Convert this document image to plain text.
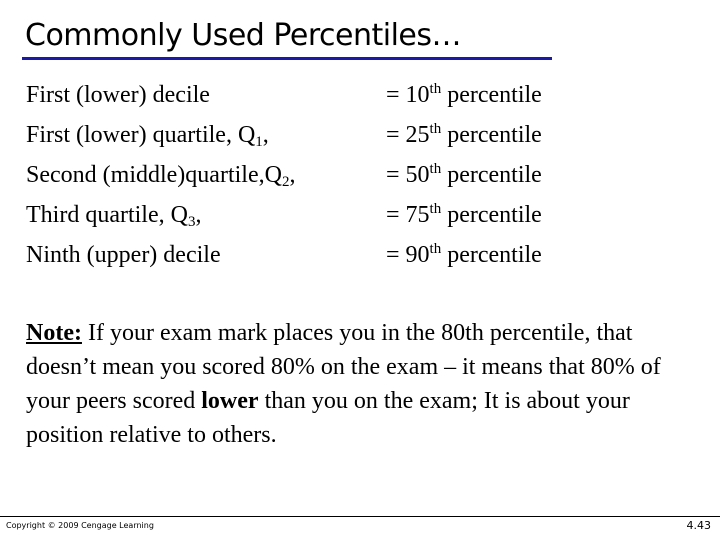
Commonly Used Percentiles…
First (lower) decile	= 10th percentile
First (lower) quartile, $Q_1$,	= 25th percentile
Second $(middle)quartile,Q_2$,	= 50th percentile
Third quartile, $Q_3$,	= 75th percentile
Ninth (upper) decile	= 90th percentile
Note: If your exam mark places you in the 80th percentile, that doesn’t mean you scored 80% on the exam – it means that 80% of your peers scored lower than you on the exam; It is about your position relative to others.
Copyright © 2009 Cengage Learning	4.43
